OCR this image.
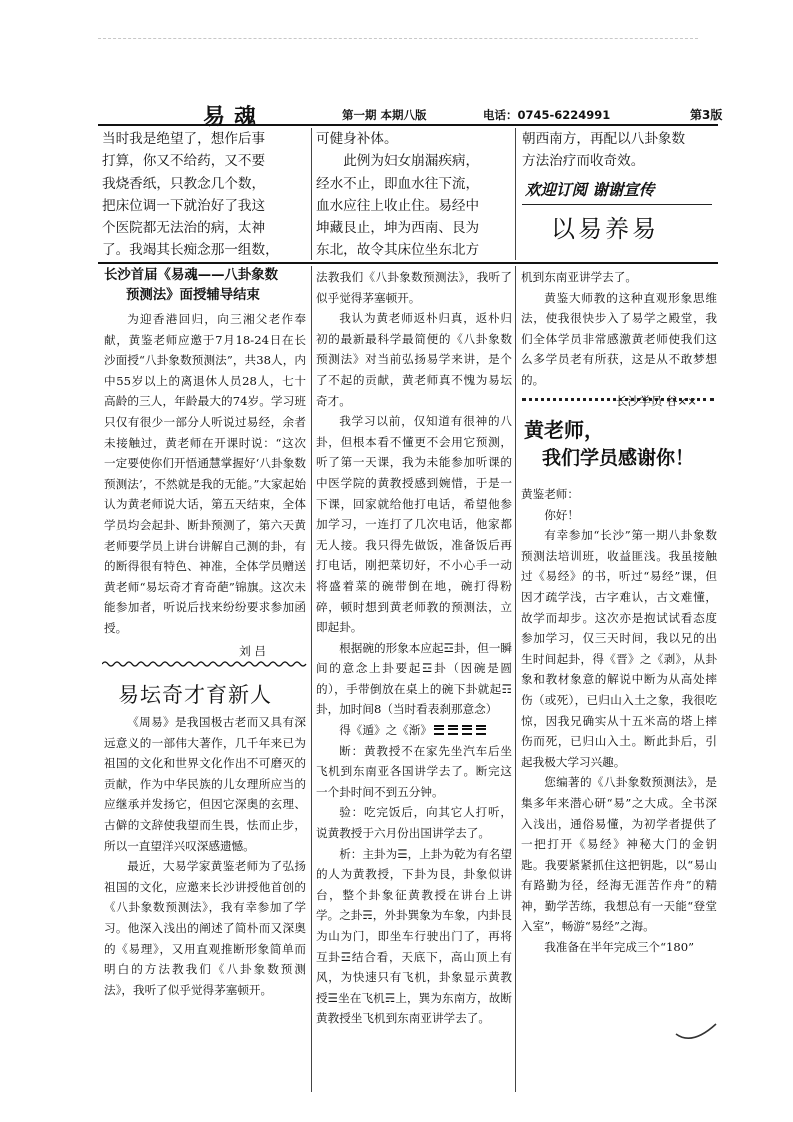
易魂	第一期 本期八版	电话：0745-6224991	第3版

当时我是绝望了，想作后事

打算，你又不给药，又不要

我烧香纸，只教念几个数，

把床位调一下就治好了我这

个医院都无法治的病，太神

了。我竭其长痴念那一组数，

可健身补体。

此例为妇女崩漏疾病，

经水不止，即血水往下流，

血水应往上收止住。易经中

坤藏艮止，坤为西南、艮为

东北，故令其床位坐东北方

朝西南方，再配以八卦象数

方法治疗而收奇效。

欢迎订阅 谢谢宣传
以易养易
长沙首届《易魂——八卦象数
预测法》面授辅导结束

为迎香港回归，向三湘父老作奉献，黄鉴老师应邀于7月18-24日在长沙面授“八卦象数预测法”，共38人，内中55岁以上的离退休人员28人，七十高龄的三人，年龄最大的74岁。学习班只仅有很少一部分人听说过易经，余者未接触过，黄老师在开课时说：“这次一定要使你们开悟通慧掌握好‘八卦象数预测法’，不然就是我的无能。”大家起始认为黄老师说大话，第五天结束，全体学员均会起卦、断卦预测了，第六天黄老师要学员上讲台讲解自己测的卦，有的断得很有特色、神准，全体学员赠送黄老师“易坛奇才育奇葩”锦旗。这次未能参加者，听说后找来纷纷要求参加函授。

刘 吕

易坛奇才育新人

《周易》是我国极古老而又具有深远意义的一部伟大著作，几千年来已为祖国的文化和世界文化作出不可磨灭的贡献，作为中华民族的儿女理所应当的应继承并发扬它，但因它深奥的玄理、古僻的文辞使我望而生畏，怯而止步，所以一直望洋兴叹深感遗憾。

最近，大易学家黄鉴老师为了弘扬祖国的文化，应邀来长沙讲授他首创的《八卦象数预测法》，我有幸参加了学习。他深入浅出的阐述了简朴而又深奥的《易理》，又用直观推断形象简单而明白的方法教我们《八卦象数预测法》，我听了似乎觉得茅塞顿开。

法教我们《八卦象数预测法》，我听了似乎觉得茅塞顿开。

我认为黄老师返朴归真，返朴归初的最新最科学最简便的《八卦象数预测法》对当前弘扬易学来讲，是个了不起的贡献，黄老师真不愧为易坛奇才。

我学习以前，仅知道有很神的八卦，但根本看不懂更不会用它预测，听了第一天课，我为未能参加听课的中医学院的黄教授感到婉惜，于是一下课，回家就给他打电话，希望他参加学习，一连打了几次电话，他家都无人接。我只得先做饭，准备饭后再打电话，刚把菜切好，不小心手一动将盛着菜的碗带倒在地，碗打得粉碎，顿时想到黄老师教的预测法，立即起卦。

根据碗的形象本应起☲卦，但一瞬间的意念上卦要起☲卦（因碗是圆的），手带倒放在桌上的碗下卦就起☶卦，加时间8（当时看表刹那意念）

得《遁》之《渐》

断：黄教授不在家先坐汽车后坐飞机到东南亚各国讲学去了。断完这一个卦时间不到五分钟。

验：吃完饭后，向其它人打听，说黄教授于六月份出国讲学去了。

析：主卦为☰，上卦为乾为有名望的人为黄教授，下卦为艮，卦象似讲台，整个卦象征黄教授在讲台上讲学。之卦☴，外卦巽象为车象，内卦艮为山为门，即坐车行驶出门了，再将互卦☲结合看，天底下，高山顶上有风，为快速只有飞机，卦象显示黄教授☰坐在飞机☴上，巽为东南方，故断黄教授坐飞机到东南亚讲学去了。

机到东南亚讲学去了。

黄鉴大师教的这种直观形象思维法，使我很快步入了易学之殿堂，我们全体学员非常感激黄老师使我们这么多学员老有所获，这是从不敢梦想的。

长沙学员 谷××

黄老师，
我们学员感谢你！

黄鉴老师：

你好！

有幸参加“长沙”第一期八卦象数预测法培训班，收益匪浅。我虽接触过《易经》的书，听过“易经”课，但因才疏学浅，古字难认，古文难懂，故学而却步。这次亦是抱试试看态度参加学习，仅三天时间，我以兄的出生时间起卦，得《晋》之《剥》，从卦象和教材象意的解说中断为从高处摔伤（或死），已归山入土之象，我很吃惊，因我兄确实从十五米高的塔上摔伤而死，已归山入土。断此卦后，引起我极大学习兴趣。

您编著的《八卦象数预测法》，是集多年来潜心研“易”之大成。全书深入浅出，通俗易懂，为初学者提供了一把打开《易经》神秘大门的金钥匙。我要紧紧抓住这把钥匙，以“易山有路勤为径，经海无涯苦作舟”的精神，勤学苦练，我想总有一天能“登堂入室”，畅游“易经”之海。

我准备在半年完成三个“180”
